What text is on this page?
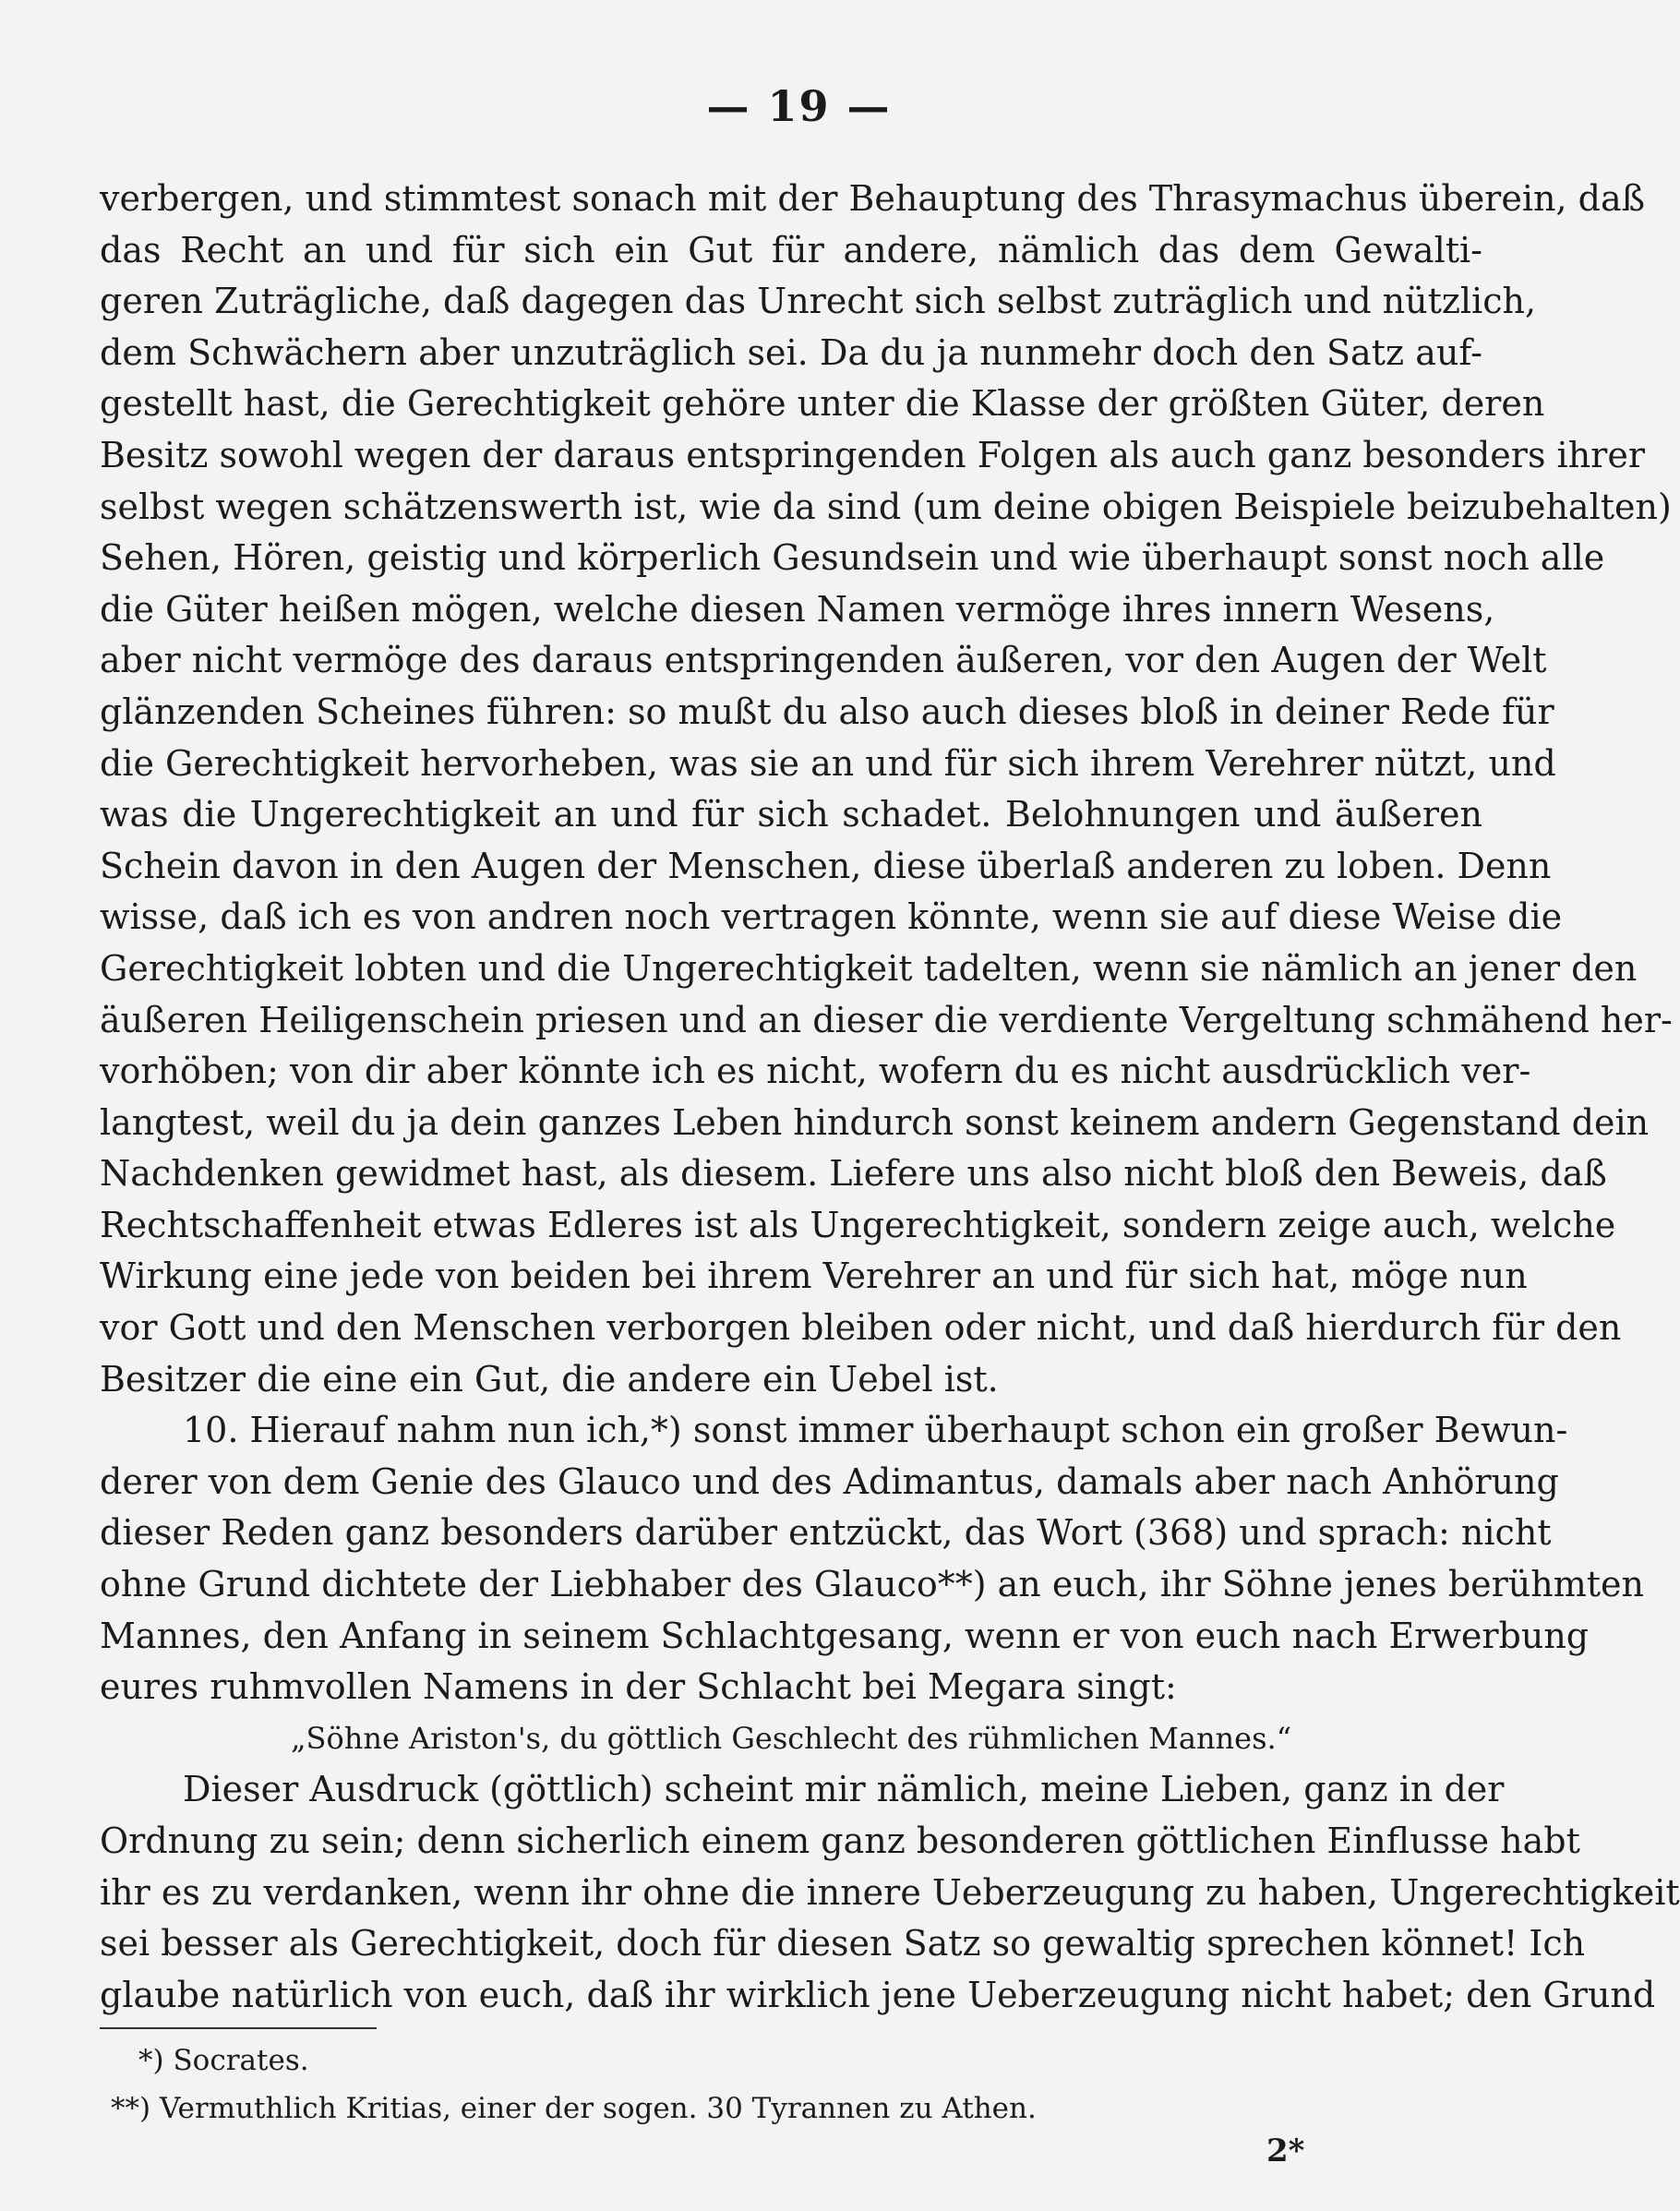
— 19 —
verbergen, und stimmtest sonach mit der Behauptung des Thrasymachus überein, daß
das Recht an und für sich ein Gut für andere, nämlich das dem Gewalti-
geren Zuträgliche, daß dagegen das Unrecht sich selbst zuträglich und nützlich,
dem Schwächern aber unzuträglich sei. Da du ja nunmehr doch den Satz auf-
gestellt hast, die Gerechtigkeit gehöre unter die Klasse der größten Güter, deren
Besitz sowohl wegen der daraus entspringenden Folgen als auch ganz besonders ihrer
selbst wegen schätzenswerth ist, wie da sind (um deine obigen Beispiele beizubehalten)
Sehen, Hören, geistig und körperlich Gesundsein und wie überhaupt sonst noch alle
die Güter heißen mögen, welche diesen Namen vermöge ihres innern Wesens,
aber nicht vermöge des daraus entspringenden äußeren, vor den Augen der Welt
glänzenden Scheines führen: so mußt du also auch dieses bloß in deiner Rede für
die Gerechtigkeit hervorheben, was sie an und für sich ihrem Verehrer nützt, und
was die Ungerechtigkeit an und für sich schadet. Belohnungen und äußeren
Schein davon in den Augen der Menschen, diese überlaß anderen zu loben. Denn
wisse, daß ich es von andren noch vertragen könnte, wenn sie auf diese Weise die
Gerechtigkeit lobten und die Ungerechtigkeit tadelten, wenn sie nämlich an jener den
äußeren Heiligenschein priesen und an dieser die verdiente Vergeltung schmähend her-
vorhöben; von dir aber könnte ich es nicht, wofern du es nicht ausdrücklich ver-
langtest, weil du ja dein ganzes Leben hindurch sonst keinem andern Gegenstand dein
Nachdenken gewidmet hast, als diesem. Liefere uns also nicht bloß den Beweis, daß
Rechtschaffenheit etwas Edleres ist als Ungerechtigkeit, sondern zeige auch, welche
Wirkung eine jede von beiden bei ihrem Verehrer an und für sich hat, möge nun
vor Gott und den Menschen verborgen bleiben oder nicht, und daß hierdurch für den
Besitzer die eine ein Gut, die andere ein Uebel ist.
10. Hierauf nahm nun ich,*) sonst immer überhaupt schon ein großer Bewun-
derer von dem Genie des Glauco und des Adimantus, damals aber nach Anhörung
dieser Reden ganz besonders darüber entzückt, das Wort (368) und sprach: nicht
ohne Grund dichtete der Liebhaber des Glauco**) an euch, ihr Söhne jenes berühmten
Mannes, den Anfang in seinem Schlachtgesang, wenn er von euch nach Erwerbung
eures ruhmvollen Namens in der Schlacht bei Megara singt:
„Söhne Ariston's, du göttlich Geschlecht des rühmlichen Mannes.“
Dieser Ausdruck (göttlich) scheint mir nämlich, meine Lieben, ganz in der
Ordnung zu sein; denn sicherlich einem ganz besonderen göttlichen Einflusse habt
ihr es zu verdanken, wenn ihr ohne die innere Ueberzeugung zu haben, Ungerechtigkeit
sei besser als Gerechtigkeit, doch für diesen Satz so gewaltig sprechen könnet! Ich
glaube natürlich von euch, daß ihr wirklich jene Ueberzeugung nicht habet; den Grund
*) Socrates.
**) Vermuthlich Kritias, einer der sogen. 30 Tyrannen zu Athen.
2*
